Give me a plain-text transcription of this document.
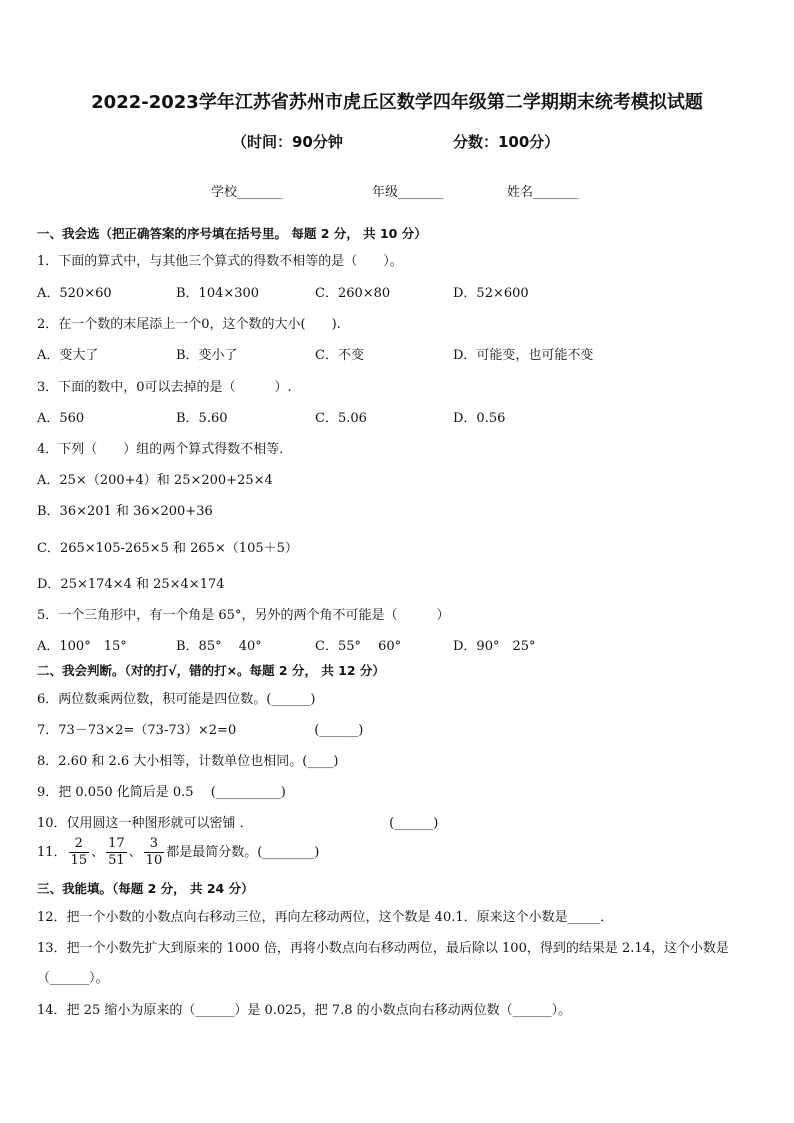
2022-2023学年江苏省苏州市虎丘区数学四年级第二学期期末统考模拟试题
（时间：90分钟	分数：100分）
学校_______	年级_______	姓名_______
一、我会选（把正确答案的序号填在括号里。 每题 2 分， 共 10 分）
1．下面的算式中，与其他三个算式的得数不相等的是（　　）。
A．520×60	B．104×300	C．260×80	D．52×600
2．在一个数的末尾添上一个0，这个数的大小(　　).
A．变大了	B．变小了	C．不变	D．可能变，也可能不变
3．下面的数中，0可以去掉的是（　　　）.
A．560	B．5.60	C．5.06	D．0.56
4．下列（　　）组的两个算式得数不相等．
A．25×（200+4）和 25×200+25×4
B．36×201 和 36×200+36
C．265×105-265×5 和 265×（105＋5）
D．25×174×4 和 25×4×174
5．一个三角形中，有一个角是 65°，另外的两个角不可能是（　　　）
A．100°　15°	B．85°　 40°	C．55°　 60°	D．90°　25°
二、我会判断。（对的打√，错的打×。每题 2 分， 共 12 分）
6．两位数乘两位数，积可能是四位数。(______)
7．73－73×2=（73-73）×2=0　　　　　　(______)
8．2.60 和 2.6 大小相等，计数单位也相同。(____)
9．把 0.050 化简后是 0.5　 (__________)
10．仅用圆这一种图形就可以密铺 ．　　　　　　　　　　　(______)
11． $\frac{2}{15}$ 、 $\frac{17}{51}$ 、 $\frac{3}{10}$ 都是最简分数。(________)
三、我能填。（每题 2 分， 共 24 分）
12．把一个小数的小数点向右移动三位，再向左移动两位，这个数是 40.1．原来这个小数是_____．
13．把一个小数先扩大到原来的 1000 倍，再将小数点向右移动两位，最后除以 100，得到的结果是 2.14，这个小数是
（______）。
14．把 25 缩小为原来的（______）是 0.025，把 7.8 的小数点向右移动两位数（______）。
